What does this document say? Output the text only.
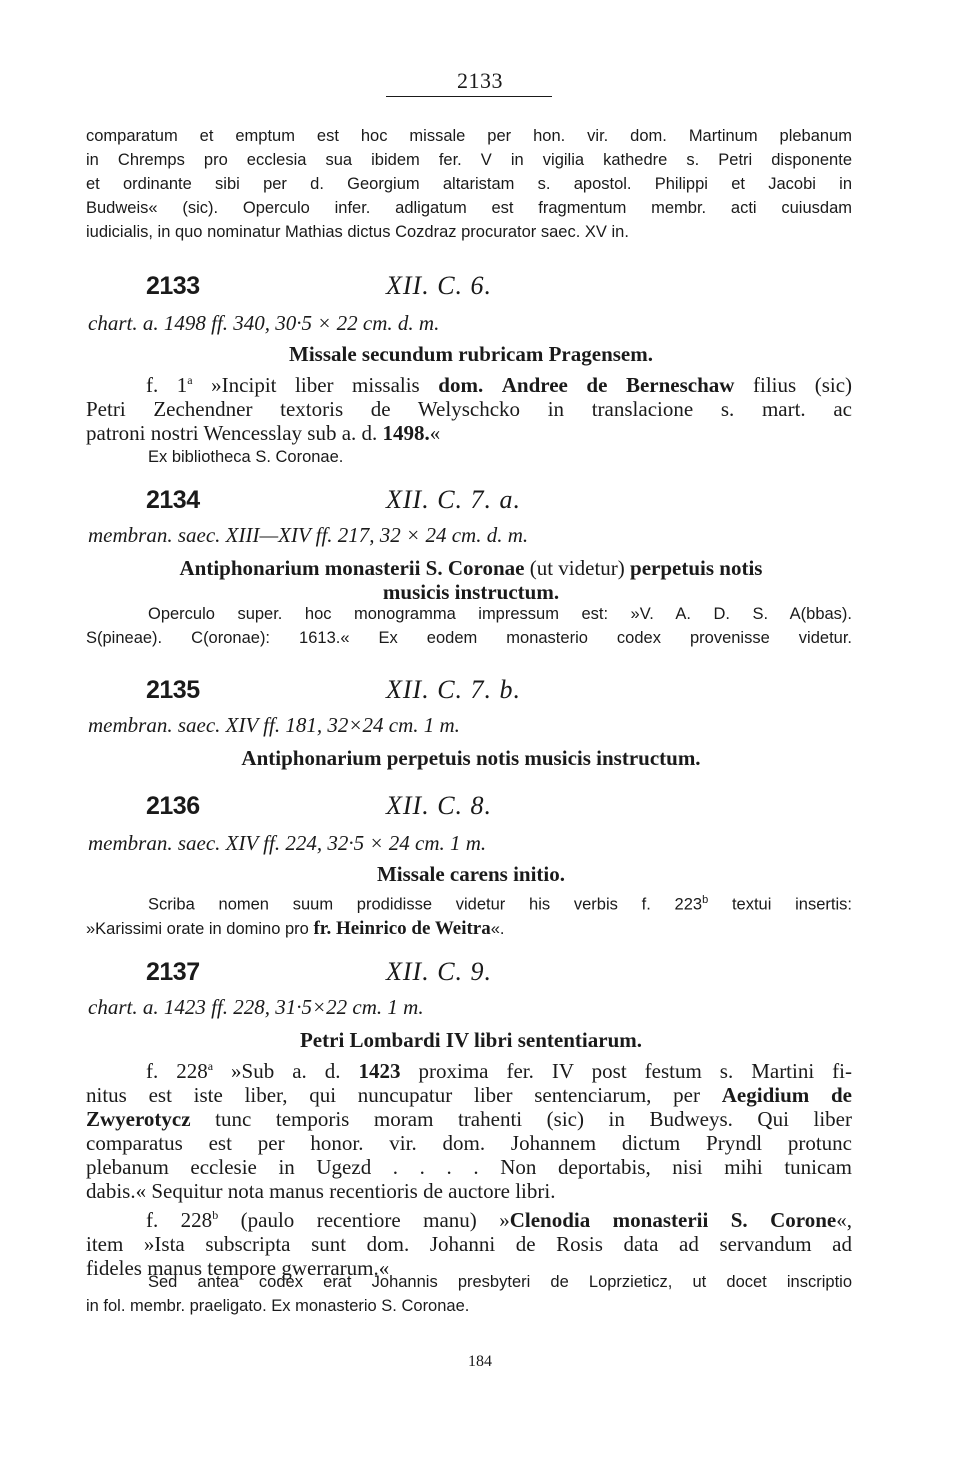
2133
comparatum et emptum est hoc missale per hon. vir. dom. Martinum plebanum
in Chremps pro ecclesia sua ibidem fer. V in vigilia kathedre s. Petri disponente
et ordinante sibi per d. Georgium altaristam s. apostol. Philippi et Jacobi in
Budweis« (sic). Operculo infer. adligatum est fragmentum membr. acti cuiusdam
iudicialis, in quo nominatur Mathias dictus Cozdraz procurator saec. XV in.
2133	XII. C. 6.
chart. a. 1498 ff. 340, 30·5 × 22 cm. d. m.
Missale secundum rubricam Pragensem.
f. 1$^a$ »Incipit liber missalis dom. Andree de Berneschaw filius (sic)
Petri Zechendner textoris de Welyschcko in translacione s. mart. ac
patroni nostri Wencesslay sub a. d. 1498.«
Ex bibliotheca S. Coronae.
2134	XII. C. 7. a.
membran. saec. XIII—XIV ff. 217, 32 × 24 cm. d. m.
Antiphonarium monasterii S. Coronae (ut videtur) perpetuis notis
musicis instructum.
Operculo super. hoc monogramma impressum est: »V. A. D. S. A(bbas).
S(pineae). C(oronae): 1613.« Ex eodem monasterio codex provenisse videtur.
2135	XII. C. 7. b.
membran. saec. XIV ff. 181, 32×24 cm. 1 m.
Antiphonarium perpetuis notis musicis instructum.
2136	XII. C. 8.
membran. saec. XIV ff. 224, 32·5 × 24 cm. 1 m.
Missale carens initio.
Scriba nomen suum prodidisse videtur his verbis f. 223$^b$ textui insertis:
»Karissimi orate in domino pro fr. Heinrico de Weitra«.
2137	XII. C. 9.
chart. a. 1423 ff. 228, 31·5×22 cm. 1 m.
Petri Lombardi IV libri sententiarum.
f. 228$^a$ »Sub a. d. 1423 proxima fer. IV post festum s. Martini fi-
nitus est iste liber, qui nuncupatur liber sentenciarum, per Aegidium de
Zwyerotycz tunc temporis moram trahenti (sic) in Budweys. Qui liber
comparatus est per honor. vir. dom. Johannem dictum Pryndl protunc
plebanum ecclesie in Ugezd . . . . Non deportabis, nisi mihi tunicam
dabis.« Sequitur nota manus recentioris de auctore libri.
f. 228$^b$ (paulo recentiore manu) »Clenodia monasterii S. Corone«,
item »Ista subscripta sunt dom. Johanni de Rosis data ad servandum ad
fideles manus tempore gwerrarum.«
Sed antea codex erat Johannis presbyteri de Loprzieticz, ut docet inscriptio
in fol. membr. praeligato. Ex monasterio S. Coronae.
184
